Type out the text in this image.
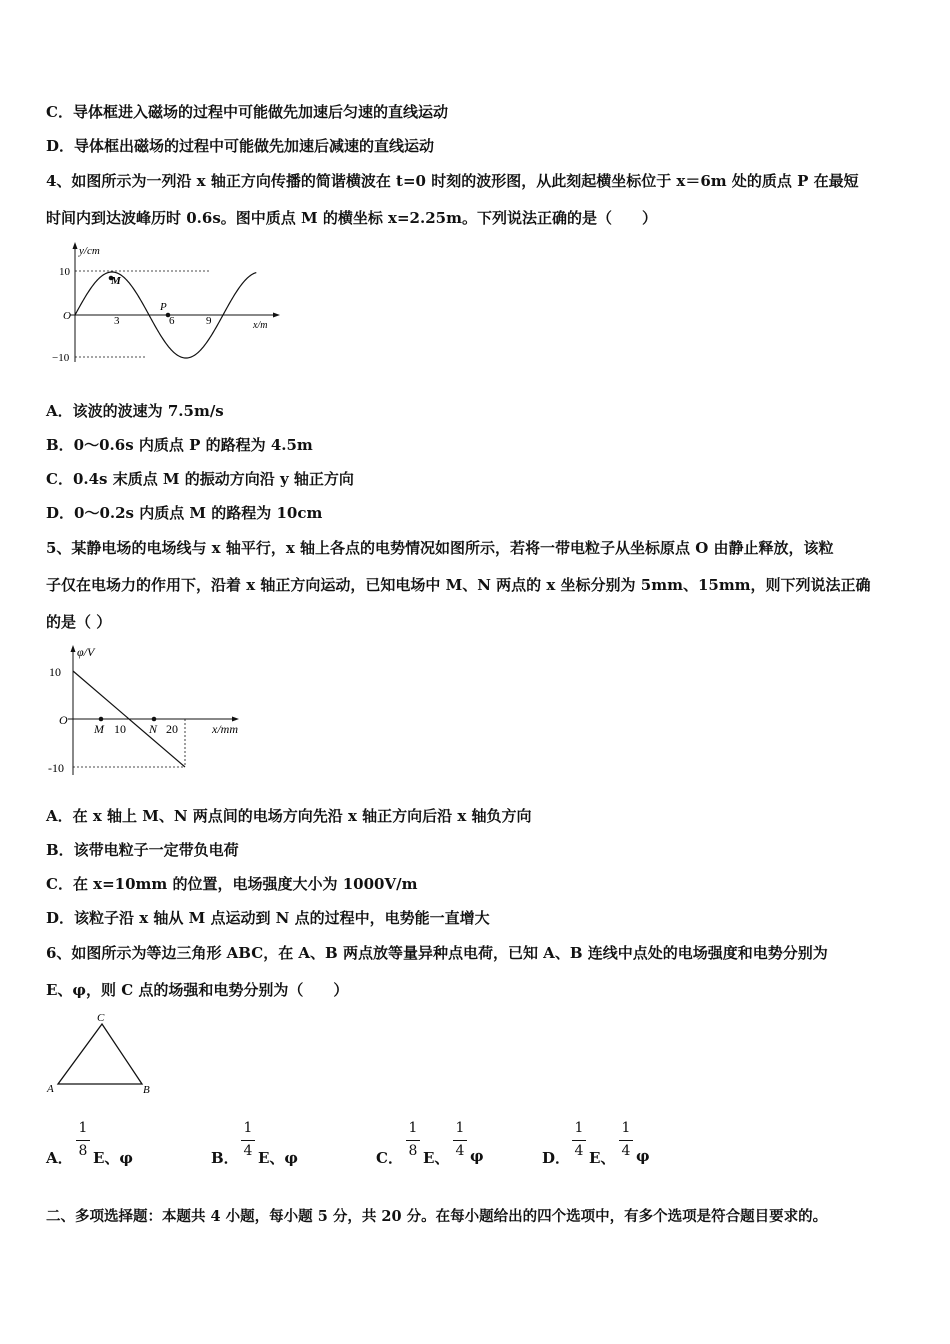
C．导体框进入磁场的过程中可能做先加速后匀速的直线运动
D．导体框出磁场的过程中可能做先加速后减速的直线运动
4、如图所示为一列沿 x 轴正方向传播的简谐横波在 t=0 时刻的波形图，从此刻起横坐标位于 x＝6m 处的质点 P 在最短
时间内到达波峰历时 0.6s。图中质点 M 的横坐标 x=2.25m。下列说法正确的是（　　）
y/cm
10
−10
O	3	6	9	x/m
M
P
A．该波的波速为 7.5m/s
B．0～0.6s 内质点 P 的路程为 4.5m
C．0.4s 末质点 M 的振动方向沿 y 轴正方向
D．0～0.2s 内质点 M 的路程为 10cm
5、某静电场的电场线与 x 轴平行，x 轴上各点的电势情况如图所示，若将一带电粒子从坐标原点 O 由静止释放，该粒
子仅在电场力的作用下，沿着 x 轴正方向运动，已知电场中 M、N 两点的 x 坐标分别为 5mm、15mm，则下列说法正确
的是（ ）
φ/V
10
-10
O
M 10 N 20	x/mm
A．在 x 轴上 M、N 两点间的电场方向先沿 x 轴正方向后沿 x 轴负方向
B．该带电粒子一定带负电荷
C．在 x=10mm 的位置，电场强度大小为 1000V/m
D．该粒子沿 x 轴从 M 点运动到 N 点的过程中，电势能一直增大
6、如图所示为等边三角形 ABC，在 A、B 两点放等量异种点电荷，已知 A、B 连线中点处的电场强度和电势分别为
E、φ，则 C 点的场强和电势分别为（　　）
C
A	B
A．
1
8 E、φ	B．
1
4 E、φ	C．
1
8 E、
1
4 φ	D．
1
4 E、
1
4 φ
二、多项选择题：本题共 4 小题，每小题 5 分，共 20 分。在每小题给出的四个选项中，有多个选项是符合题目要求的。
